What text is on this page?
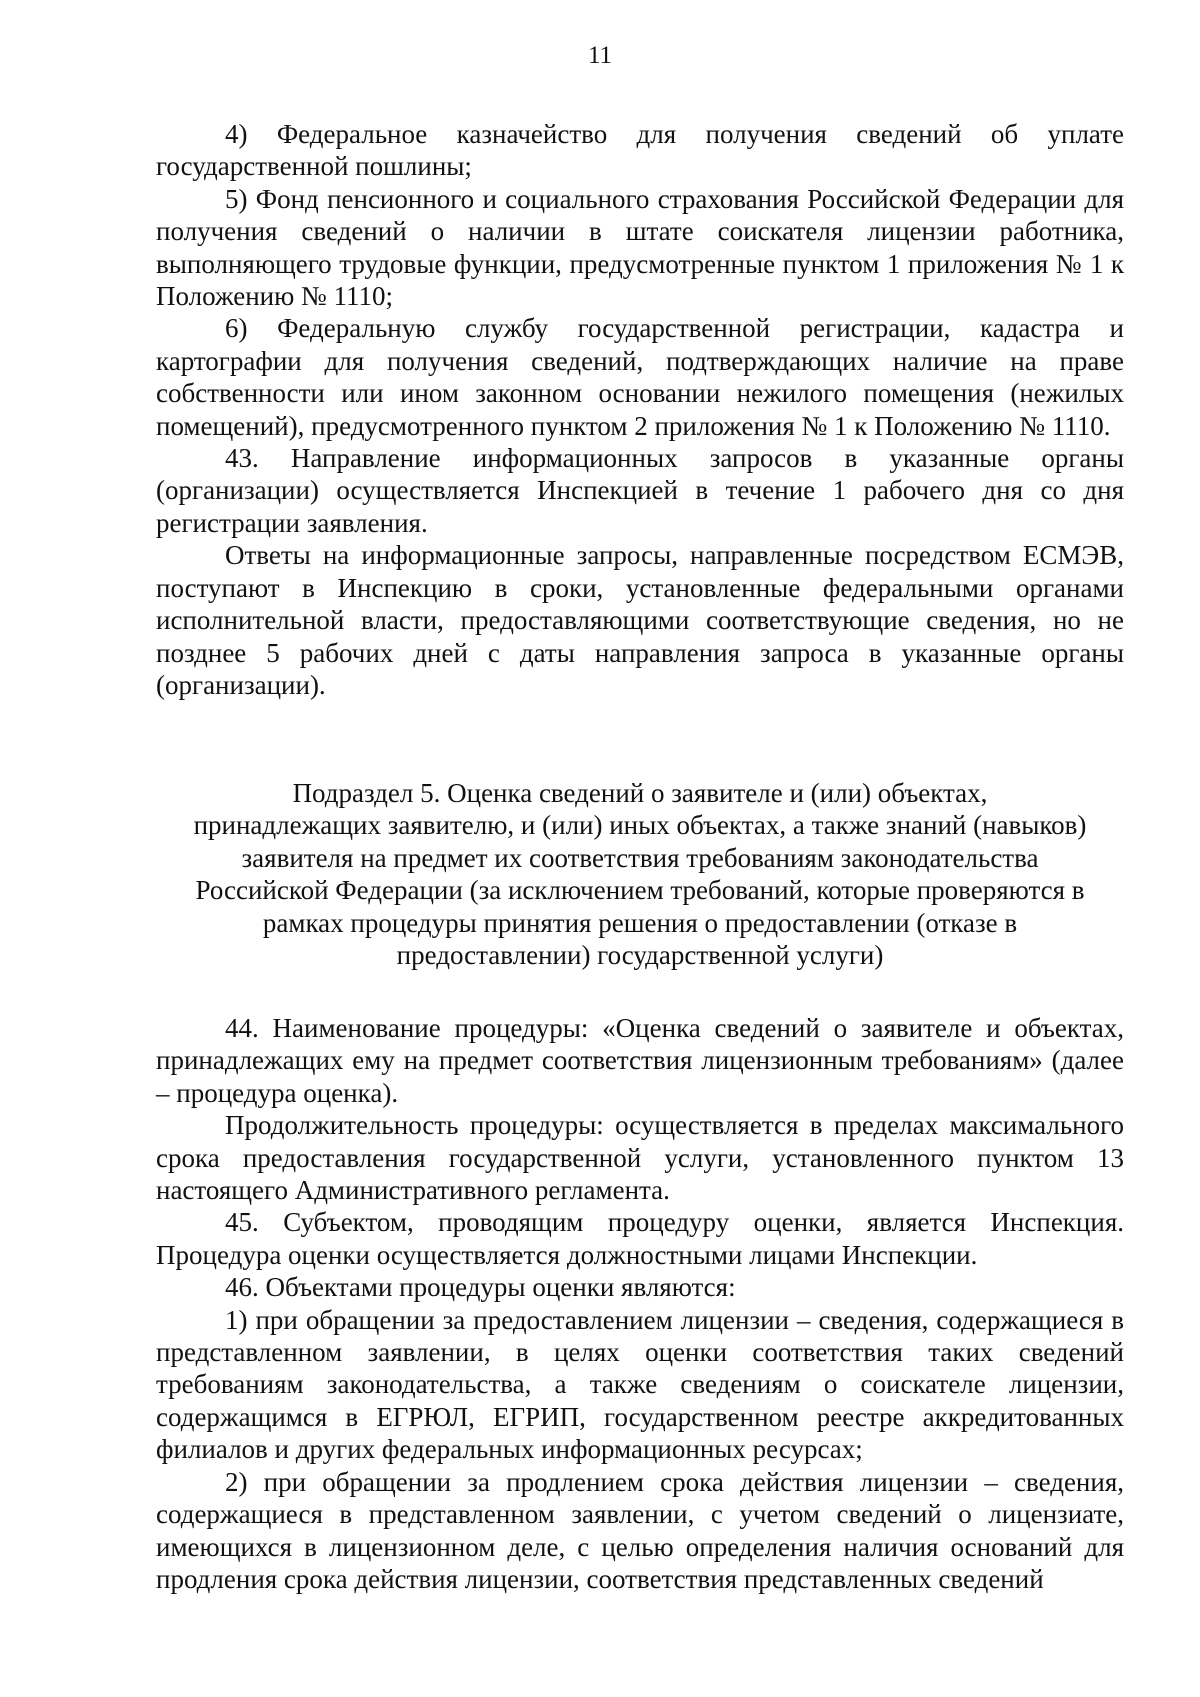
11

4) Федеральное казначейство для получения сведений об уплате государственной пошлины;

5) Фонд пенсионного и социального страхования Российской Федерации для получения сведений о наличии в штате соискателя лицензии работника, выполняющего трудовые функции, предусмотренные пунктом 1 приложения № 1 к Положению № 1110;

6) Федеральную службу государственной регистрации, кадастра и картографии для получения сведений, подтверждающих наличие на праве собственности или ином законном основании нежилого помещения (нежилых помещений), предусмотренного пунктом 2 приложения № 1 к Положению № 1110.

43. Направление информационных запросов в указанные органы (организации) осуществляется Инспекцией в течение 1 рабочего дня со дня регистрации заявления.

Ответы на информационные запросы, направленные посредством ЕСМЭВ, поступают в Инспекцию в сроки, установленные федеральными органами исполнительной власти, предоставляющими соответствующие сведения, но не позднее 5 рабочих дней с даты направления запроса в указанные органы (организации).

Подраздел 5. Оценка сведений о заявителе и (или) объектах,
принадлежащих заявителю, и (или) иных объектах, а также знаний (навыков)
заявителя на предмет их соответствия требованиям законодательства
Российской Федерации (за исключением требований, которые проверяются в
рамках процедуры принятия решения о предоставлении (отказе в
предоставлении) государственной услуги)

44. Наименование процедуры: «Оценка сведений о заявителе и объектах, принадлежащих ему на предмет соответствия лицензионным требованиям» (далее – процедура оценка).

Продолжительность процедуры: осуществляется в пределах максимального срока предоставления государственной услуги, установленного пунктом 13 настоящего Административного регламента.

45. Субъектом, проводящим процедуру оценки, является Инспекция. Процедура оценки осуществляется должностными лицами Инспекции.

46. Объектами процедуры оценки являются:

1) при обращении за предоставлением лицензии – сведения, содержащиеся в представленном заявлении, в целях оценки соответствия таких сведений требованиям законодательства, а также сведениям о соискателе лицензии, содержащимся в ЕГРЮЛ, ЕГРИП, государственном реестре аккредитованных филиалов и других федеральных информационных ресурсах;

2) при обращении за продлением срока действия лицензии – сведения, содержащиеся в представленном заявлении, с учетом сведений о лицензиате, имеющихся в лицензионном деле, с целью определения наличия оснований для продления срока действия лицензии, соответствия представленных сведений
